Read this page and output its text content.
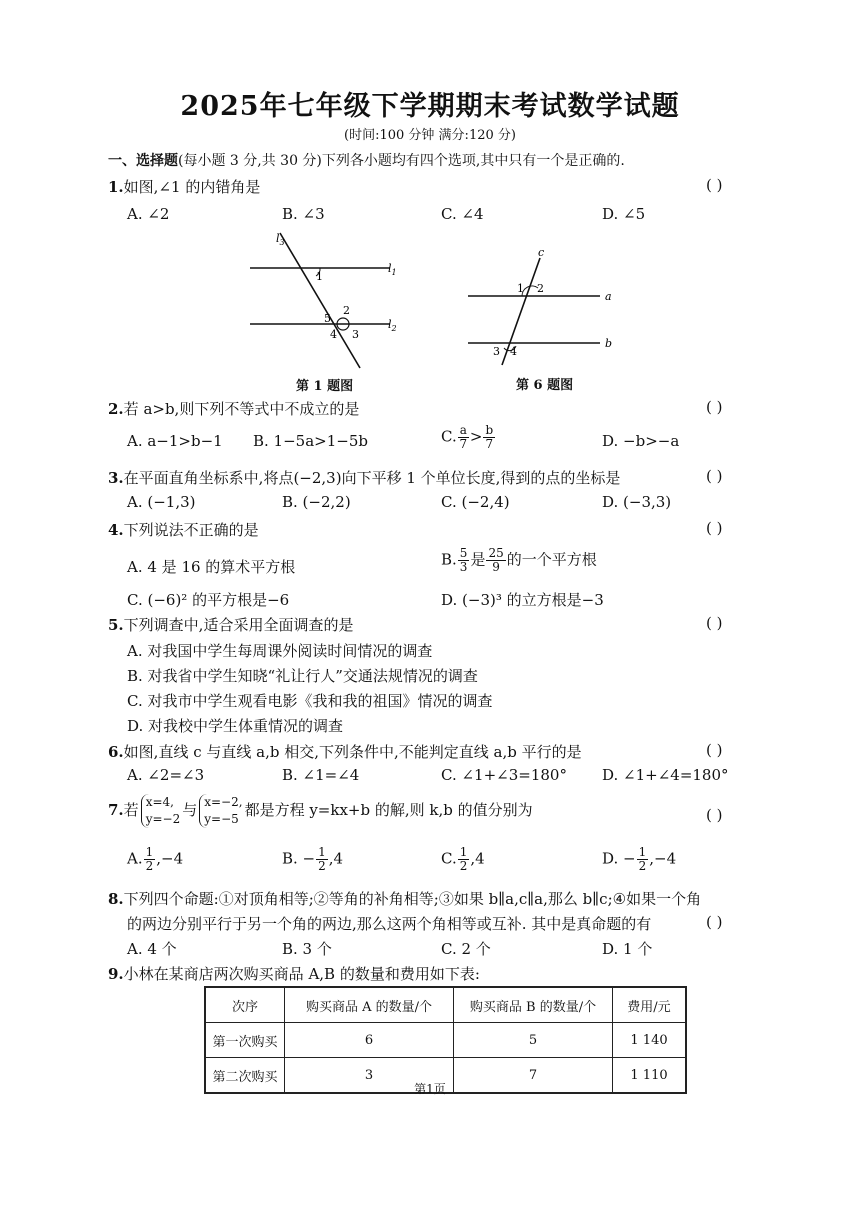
2025年七年级下学期期末考试数学试题
(时间:100 分钟 满分:120 分)
一、选择题(每小题 3 分,共 30 分)下列各小题均有四个选项,其中只有一个是正确的.
1.如图,∠1 的内错角是	( )
A. ∠2	B. ∠3	C. ∠4	D. ∠5
$l_3$
$l_1$
$l_2$
1
2
3
4
5
第 1 题图
c
a
b
1 2
3 4
第 6 题图
2.若 a>b,则下列不等式中不成立的是	( )
A. a−1>b−1 B. 1−5a>1−5b	C. $\frac{a}{7} > \frac{b}{7}$	D. −b>−a
3.在平面直角坐标系中,将点(−2,3)向下平移 1 个单位长度,得到的点的坐标是	( )
A. (−1,3)	B. (−2,2)	C. (−2,4)	D. (−3,3)
4.下列说法不正确的是	( )
A. 4 是 16 的算术平方根	B. $\frac{5}{3}$ 是 $\frac{25}{9}$ 的一个平方根
C. (−6)² 的平方根是−6	D. (−3)³ 的立方根是−3
5.下列调查中,适合采用全面调查的是	( )
A. 对我国中学生每周课外阅读时间情况的调查
B. 对我省中学生知晓“礼让行人”交通法规情况的调查
C. 对我市中学生观看电影《我和我的祖国》情况的调查
D. 对我校中学生体重情况的调查
6.如图,直线 c 与直线 a,b 相交,下列条件中,不能判定直线 a,b 平行的是	( )
A. ∠2=∠3	B. ∠1=∠4	C. ∠1+∠3=180° D. ∠1+∠4=180°
7.若 x=4,
y=−2 与 x=−2,
y=−5 都是方程 y=kx+b 的解,则 k,b 的值分别为	( )
A. $\frac{1}{2} ,-4$	B. − $\frac{1}{2} ,4$	C. $\frac{1}{2} ,4$	D. − $\frac{1}{2} ,-4$
8.下列四个命题:①对顶角相等;②等角的补角相等;③如果 b∥a,c∥a,那么 b∥c;④如果一个角
的两边分别平行于另一个角的两边,那么这两个角相等或互补. 其中是真命题的有	( )
A. 4 个	B. 3 个	C. 2 个	D. 1 个
9.小林在某商店两次购买商品 A,B 的数量和费用如下表:
次序	购买商品 A 的数量/个	购买商品 B 的数量/个	费用/元
第一次购买	6	5	1 140
第二次购买	3	7	1 110
第1页
